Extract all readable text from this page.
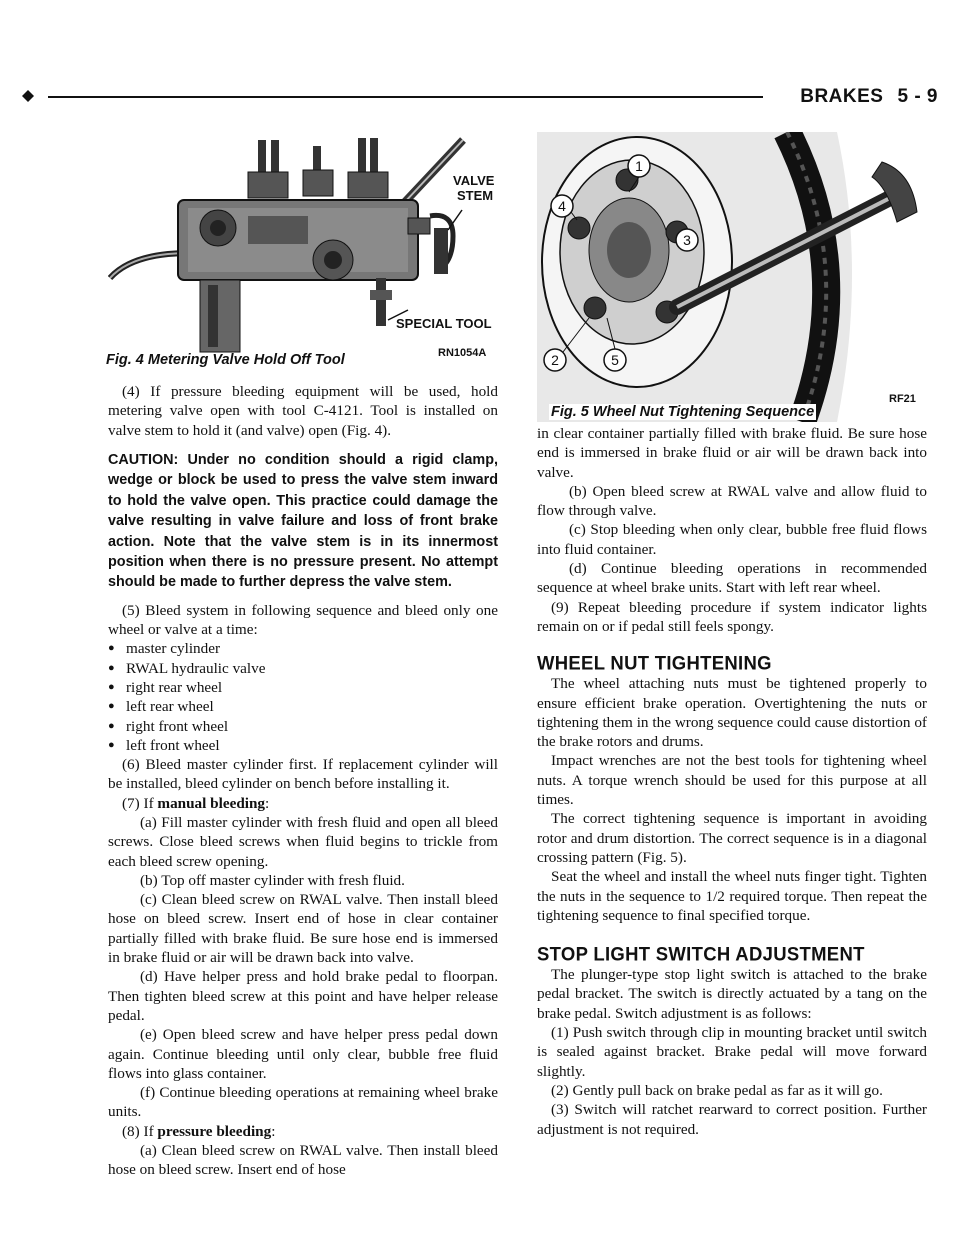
BRAKES 5 - 9
VALVE
STEM
SPECIAL TOOL
RN1054A
Fig. 4 Metering Valve Hold Off Tool

(4) If pressure bleeding equipment will be used, hold metering valve open with tool C-4121. Tool is installed on valve stem to hold it (and valve) open (Fig. 4).

CAUTION: Under no condition should a rigid clamp, wedge or block be used to press the valve stem inward to hold the valve open. This practice could damage the valve resulting in valve failure and loss of front brake action. Note that the valve stem is in its innermost position when there is no pressure present. No attempt should be made to further depress the valve stem.

(5) Bleed system in following sequence and bleed only one wheel or valve at a time:

● master cylinder
● RWAL hydraulic valve
● right rear wheel
● left rear wheel
● right front wheel
● left front wheel

(6) Bleed master cylinder first. If replacement cylinder will be installed, bleed cylinder on bench before installing it.

(7) If manual bleeding:

(a) Fill master cylinder with fresh fluid and open all bleed screws. Close bleed screws when fluid begins to trickle from each bleed screw opening.

(b) Top off master cylinder with fresh fluid.

(c) Clean bleed screw on RWAL valve. Then install bleed hose on bleed screw. Insert end of hose in clear container partially filled with brake fluid. Be sure hose end is immersed in brake fluid or air will be drawn back into valve.

(d) Have helper press and hold brake pedal to floorpan. Then tighten bleed screw at this point and have helper release pedal.

(e) Open bleed screw and have helper press pedal down again. Continue bleeding until only clear, bubble free fluid flows into glass container.

(f) Continue bleeding operations at remaining wheel brake units.

(8) If pressure bleeding:

(a) Clean bleed screw on RWAL valve. Then install bleed hose on bleed screw. Insert end of hose

1
4
3
2	5
RF21
Fig. 5 Wheel Nut Tightening Sequence

in clear container partially filled with brake fluid. Be sure hose end is immersed in brake fluid or air will be drawn back into valve.

(b) Open bleed screw at RWAL valve and allow fluid to flow through valve.

(c) Stop bleeding when only clear, bubble free fluid flows into fluid container.

(d) Continue bleeding operations in recommended sequence at wheel brake units. Start with left rear wheel.

(9) Repeat bleeding procedure if system indicator lights remain on or if pedal still feels spongy.

WHEEL NUT TIGHTENING

The wheel attaching nuts must be tightened properly to ensure efficient brake operation. Overtightening the nuts or tightening them in the wrong sequence could cause distortion of the brake rotors and drums.

Impact wrenches are not the best tools for tightening wheel nuts. A torque wrench should be used for this purpose at all times.

The correct tightening sequence is important in avoiding rotor and drum distortion. The correct sequence is in a diagonal crossing pattern (Fig. 5).

Seat the wheel and install the wheel nuts finger tight. Tighten the nuts in the sequence to 1/2 required torque. Then repeat the tightening sequence to final specified torque.

STOP LIGHT SWITCH ADJUSTMENT

The plunger-type stop light switch is attached to the brake pedal bracket. The switch is directly actuated by a tang on the brake pedal. Switch adjustment is as follows:

(1) Push switch through clip in mounting bracket until switch is sealed against bracket. Brake pedal will move forward slightly.

(2) Gently pull back on brake pedal as far as it will go.

(3) Switch will ratchet rearward to correct position. Further adjustment is not required.
